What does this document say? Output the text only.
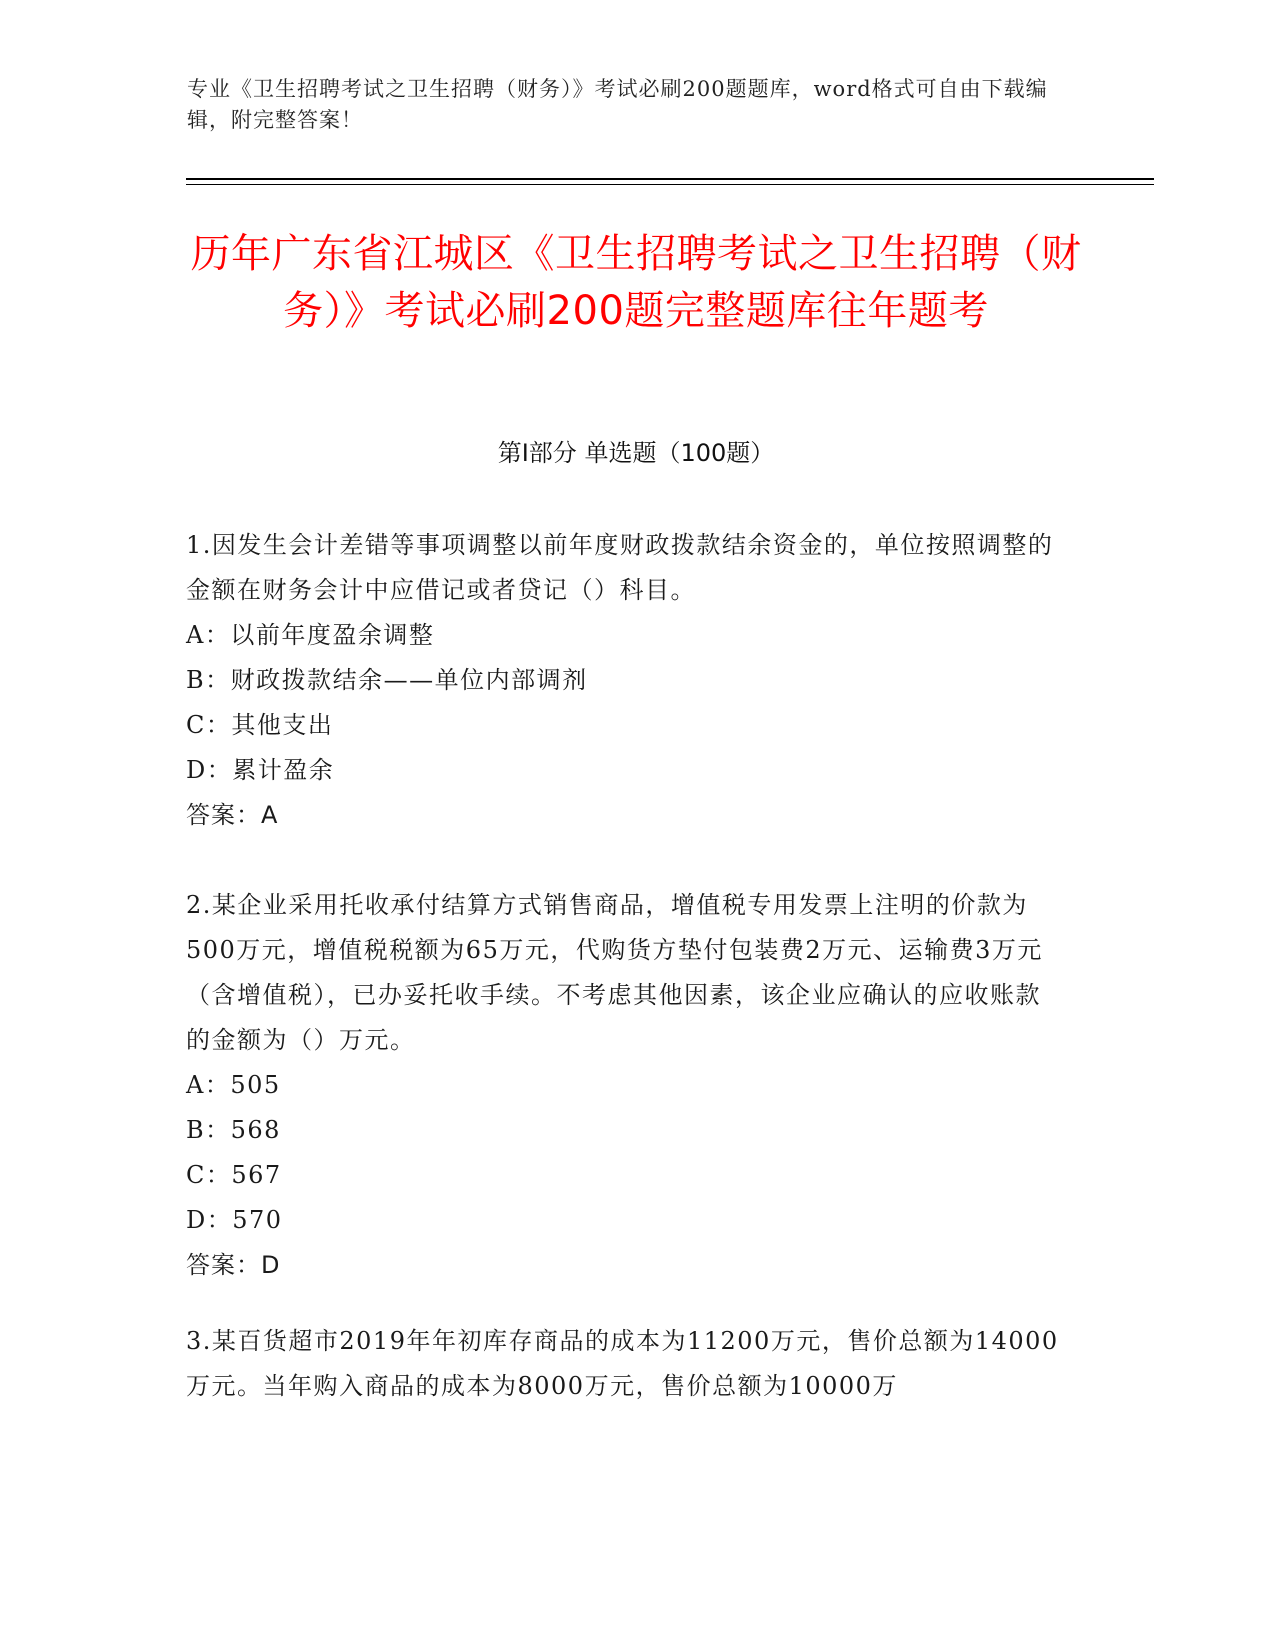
专业《卫生招聘考试之卫生招聘（财务）》考试必刷200题题库，word格式可自由下载编辑，附完整答案！
历年广东省江城区《卫生招聘考试之卫生招聘（财务）》考试必刷200题完整题库往年题考
第Ⅰ部分 单选题（100题）

1.因发生会计差错等事项调整以前年度财政拨款结余资金的，单位按照调整的金额在财务会计中应借记或者贷记（）科目。

A：以前年度盈余调整

B：财政拨款结余——单位内部调剂

C：其他支出

D：累计盈余

答案：A

2.某企业采用托收承付结算方式销售商品，增值税专用发票上注明的价款为500万元，增值税税额为65万元，代购货方垫付包装费2万元、运输费3万元（含增值税），已办妥托收手续。不考虑其他因素，该企业应确认的应收账款的金额为（）万元。

A：505

B：568

C：567

D：570

答案：D

3.某百货超市2019年年初库存商品的成本为11200万元，售价总额为14000万元。当年购入商品的成本为8000万元，售价总额为10000万
